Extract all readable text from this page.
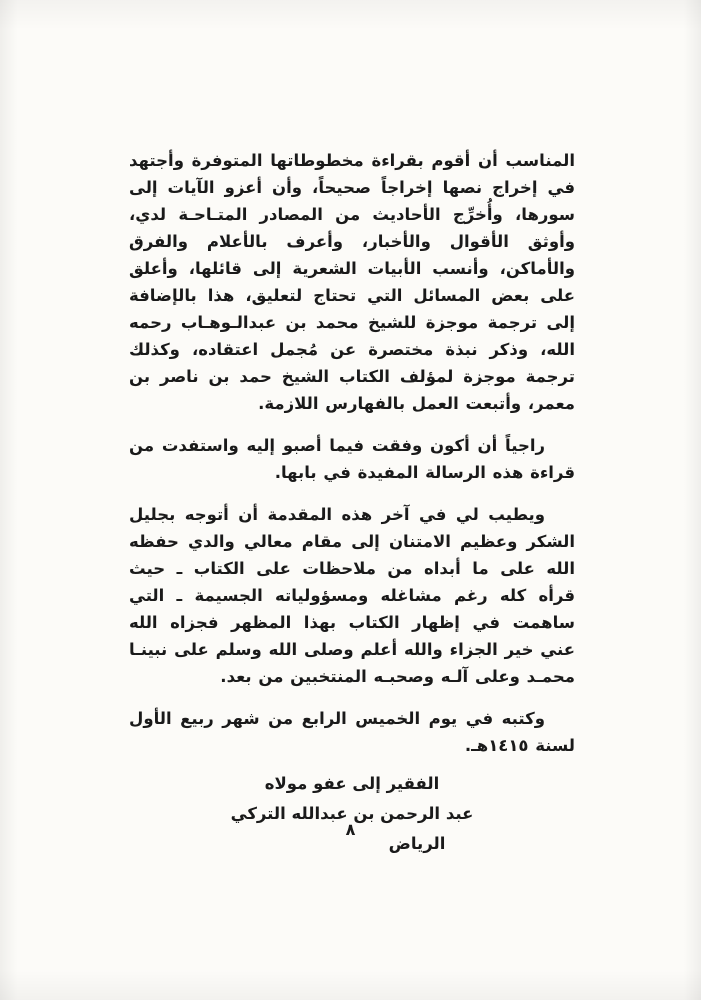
المناسب أن أقوم بقراءة مخطوطاتها المتوفرة وأجتهد في إخراج نصها إخراجاً صحيحاً، وأن أعزو الآيات إلى سورها، وأُخرِّج الأحاديث من المصادر المتـاحـة لدي، وأوثق الأقوال والأخبار، وأعرف بالأعلام والفرق والأماكن، وأنسب الأبيات الشعرية إلى قائلها، وأعلق على بعض المسائل التي تحتاج لتعليق، هذا بالإضافة إلى ترجمة موجزة للشيخ محمد بن عبدالـوهـاب رحمه الله، وذكر نبذة مختصرة عن مُجمل اعتقاده، وكذلك ترجمة موجزة لمؤلف الكتاب الشيخ حمد بن ناصر بن معمر، وأتبعت العمل بالفهارس اللازمة.

راجياً أن أكون وفقت فيما أصبو إليه واستفدت من قراءة هذه الرسالة المفيدة في بابها.

ويطيب لي في آخر هذه المقدمة أن أتوجه بجليل الشكر وعظيم الامتنان إلى مقام معالي والدي حفظه الله على ما أبداه من ملاحظات على الكتاب ـ حيث قرأه كله رغم مشاغله ومسؤولياته الجسيمة ـ التي ساهمت في إظهار الكتاب بهذا المظهر فجزاه الله عني خير الجزاء والله أعلم وصلى الله وسلم على نبينـا محمـد وعلى آلـه وصحبـه المنتخبين من بعد.

وكتبه في يوم الخميس الرابع من شهر ربيع الأول لسنة ١٤١٥هـ.

الفقير إلى عفو مولاه
عبد الرحمن بن عبدالله التركي
الرياض
٨
